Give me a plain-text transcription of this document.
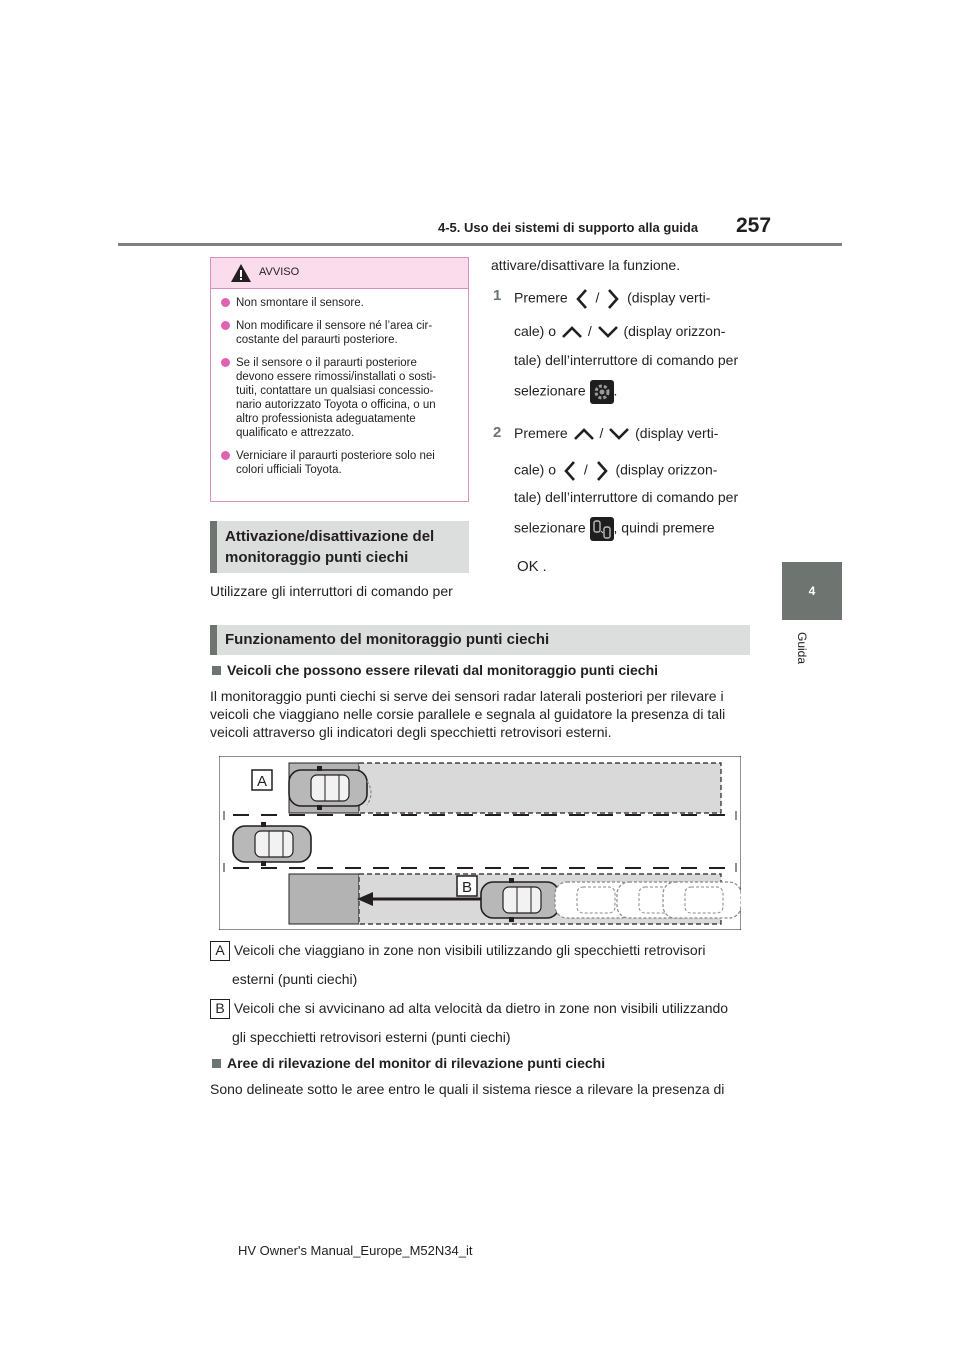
4-5. Uso dei sistemi di supporto alla guida 257
4
Guida
AVVISO
Non smontare il sensore.
Non modificare il sensore né l’area cir-
costante del paraurti posteriore.
Se il sensore o il paraurti posteriore
devono essere rimossi/installati o sosti-
tuiti, contattare un qualsiasi concessio-
nario autorizzato Toyota o officina, o un
altro professionista adeguatamente
qualificato e attrezzato.
Verniciare il paraurti posteriore solo nei
colori ufficiali Toyota.
Attivazione/disattivazione del monitoraggio punti ciechi
Utilizzare gli interruttori di comando per
attivare/disattivare la funzione.
1 Premere / (display verti-
cale) o / (display orizzon-
tale) dell’interruttore di comando per
selezionare .
2 Premere / (display verti-
cale) o / (display orizzon-
tale) dell’interruttore di comando per
selezionare , quindi premere
OK .
Funzionamento del monitoraggio punti ciechi
Veicoli che possono essere rilevati dal monitoraggio punti ciechi
Il monitoraggio punti ciechi si serve dei sensori radar laterali posteriori per rilevare i
veicoli che viaggiano nelle corsie parallele e segnala al guidatore la presenza di tali
veicoli attraverso gli indicatori degli specchietti retrovisori esterni.
A
B
A Veicoli che viaggiano in zone non visibili utilizzando gli specchietti retrovisori
esterni (punti ciechi)
B Veicoli che si avvicinano ad alta velocità da dietro in zone non visibili utilizzando
gli specchietti retrovisori esterni (punti ciechi)
Aree di rilevazione del monitor di rilevazione punti ciechi
Sono delineate sotto le aree entro le quali il sistema riesce a rilevare la presenza di
HV Owner's Manual_Europe_M52N34_it
